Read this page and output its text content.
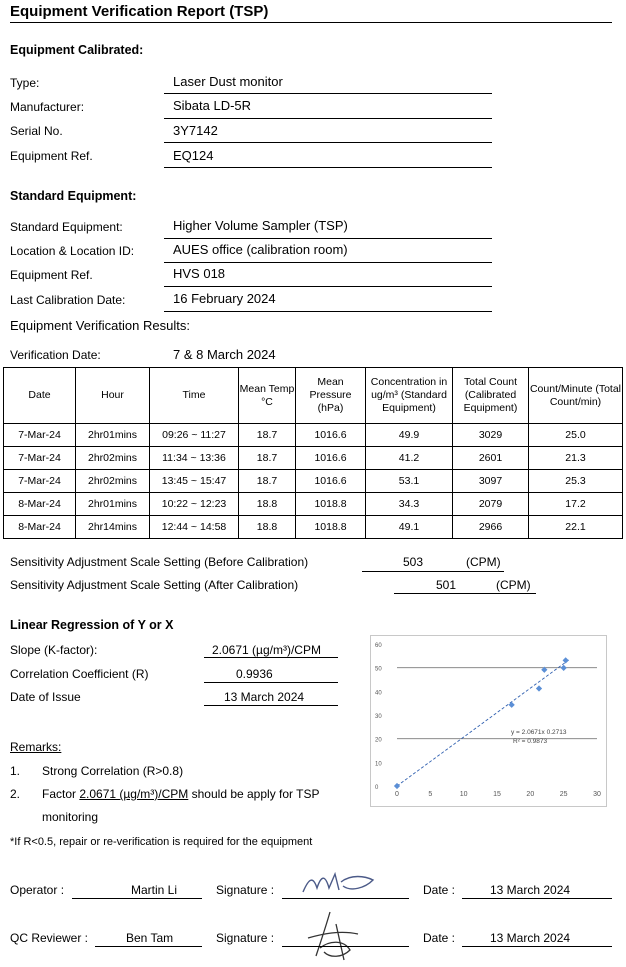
Equipment Verification Report (TSP)
Equipment Calibrated:
Type:	Laser Dust monitor
Manufacturer:	Sibata LD-5R
Serial No.	3Y7142
Equipment Ref.	EQ124
Standard Equipment:
Standard Equipment:	Higher Volume Sampler (TSP)
Location & Location ID:	AUES office (calibration room)
Equipment Ref.	HVS 018
Last Calibration Date:	16 February 2024
Equipment Verification Results:
Verification Date:	7 & 8 March 2024
Date	Hour	Time	Mean Temp °C	Mean Pressure (hPa)	Concentration in ug/m³ (Standard Equipment)	Total Count (Calibrated Equipment)	Count/Minute (Total Count/min)
7-Mar-24	2hr01mins	09:26 ~ 11:27	18.7	1016.6	49.9	3029	25.0
7-Mar-24	2hr02mins	11:34 ~ 13:36	18.7	1016.6	41.2	2601	21.3
7-Mar-24	2hr02mins	13:45 ~ 15:47	18.7	1016.6	53.1	3097	25.3
8-Mar-24	2hr01mins	10:22 ~ 12:23	18.8	1018.8	34.3	2079	17.2
8-Mar-24	2hr14mins	12:44 ~ 14:58	18.8	1018.8	49.1	2966	22.1
Sensitivity Adjustment Scale Setting (Before Calibration)	503	(CPM)
Sensitivity Adjustment Scale Setting (After Calibration)	501	(CPM)
Linear Regression of Y or X
Slope (K-factor):	2.0671 (µg/m³)/CPM
Correlation Coefficient (R)	0.9936
Date of Issue	13 March 2024
0
10
20
30
40
50
60
0	5	10	15	20	25	30
y = 2.0671x 0.2713
R² = 0.9873
Remarks:
1. Strong Correlation (R>0.8)
2. Factor 2.0671 (µg/m³)/CPM should be apply for TSP
monitoring
*If R<0.5, repair or re-verification is required for the equipment
Operator :	Martin Li	Signature :	Date :	13 March 2024
QC Reviewer :	Ben Tam	Signature :	Date :	13 March 2024
